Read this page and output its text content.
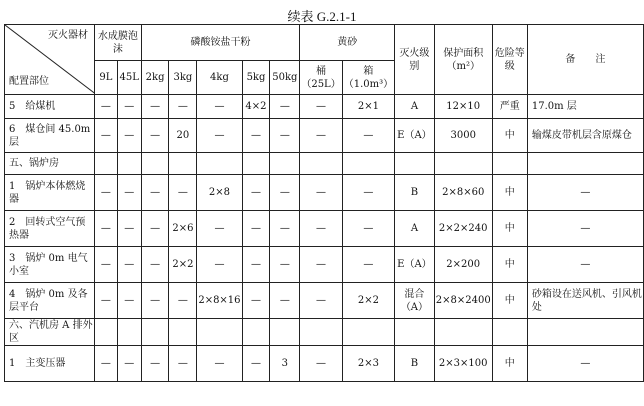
续表 G.2.1-1
灭火器材
配置部位	水成膜泡沫		磷酸铵盐干粉					黄砂		灭火级别	保护面积（m²）	危险等级	备　　注
	9L	45L	2kg	3kg	4kg	5kg	50kg	桶（25L）	箱（1.0m³）				
5　给煤机	—	—	—	—	—	4×2	—	—	2×1	A	12×10	严重	17.0m 层
6　煤仓间 45.0m 层	—	—	—	20	—	—	—	—	—	E（A）	3000	中	输煤皮带机层含原煤仓
五、锅炉房													
1　锅炉本体燃烧器	—	—	—	—	2×8	—	—	—	—	B	2×8×60	中	—
2　回转式空气预热器	—	—	—	2×6	—	—	—	—	—	A	2×2×240	中	—
3　锅炉 0m 电气小室	—	—	—	2×2	—	—	—	—	—	E（A）	2×200	中	—
4　锅炉 0m 及各层平台	—	—	—	—	2×8×16	—	—	—	2×2	混合（A）	2×8×2400	中	砂箱设在送风机、引风机处
六、汽机房 A 排外区													
1　主变压器	—	—	—	—	—	—	3	—	2×3	B	2×3×100	中	—
